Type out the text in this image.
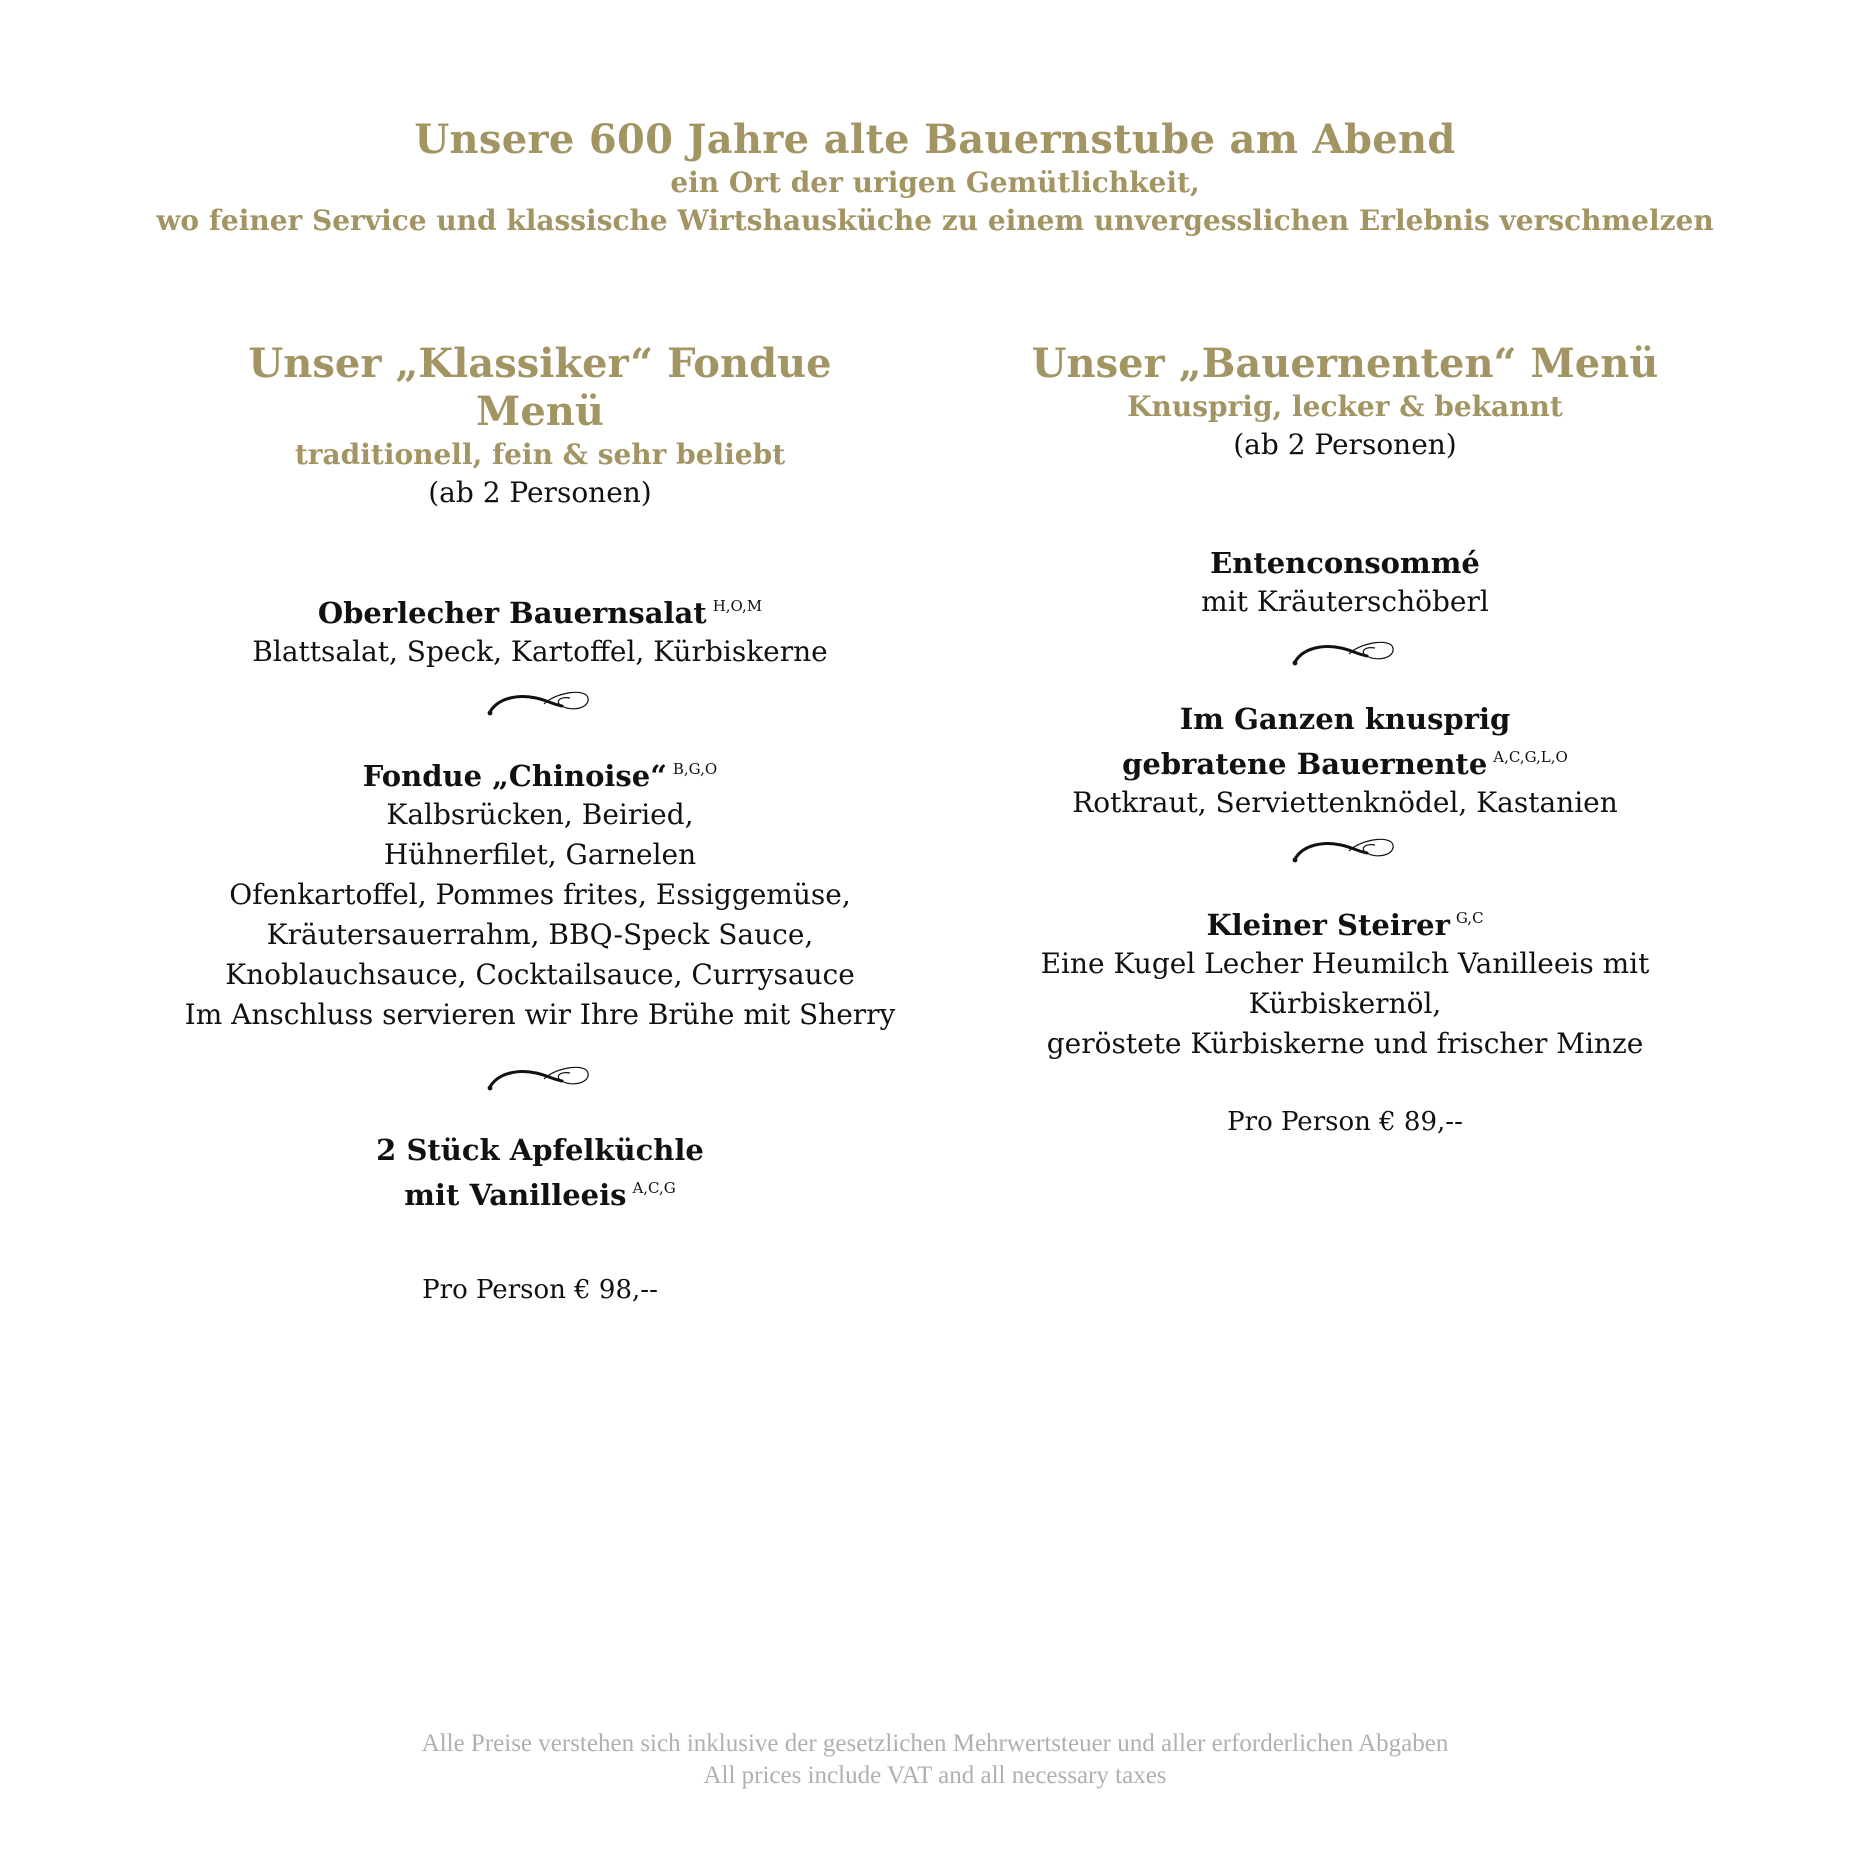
Unsere 600 Jahre alte Bauernstube am Abend
ein Ort der urigen Gemütlichkeit,
wo feiner Service und klassische Wirtshausküche zu einem unvergesslichen Erlebnis verschmelzen
Unser „Klassiker“ Fondue Menü
traditionell, fein & sehr beliebt
(ab 2 Personen)
Oberlecher Bauernsalat $^{H,O,M}$
Blattsalat, Speck, Kartoffel, Kürbiskerne
Fondue „Chinoise“ $^{B,G,O}$
Kalbsrücken, Beiried,
Hühnerfilet, Garnelen
Ofenkartoffel, Pommes frites, Essiggemüse,
Kräutersauerrahm, BBQ-Speck Sauce,
Knoblauchsauce, Cocktailsauce, Currysauce
Im Anschluss servieren wir Ihre Brühe mit Sherry
2 Stück Apfelküchle
mit Vanilleeis $^{A,C,G}$
Pro Person € 98,--
Unser „Bauernenten“ Menü
Knusprig, lecker & bekannt
(ab 2 Personen)
Entenconsommé
mit Kräuterschöberl
Im Ganzen knusprig
gebratene Bauernente $^{A,C,G,L,O}$
Rotkraut, Serviettenknödel, Kastanien
Kleiner Steirer $^{G,C}$
Eine Kugel Lecher Heumilch Vanilleeis mit
Kürbiskernöl,
geröstete Kürbiskerne und frischer Minze
Pro Person € 89,--
Alle Preise verstehen sich inklusive der gesetzlichen Mehrwertsteuer und aller erforderlichen Abgaben
All prices include VAT and all necessary taxes
